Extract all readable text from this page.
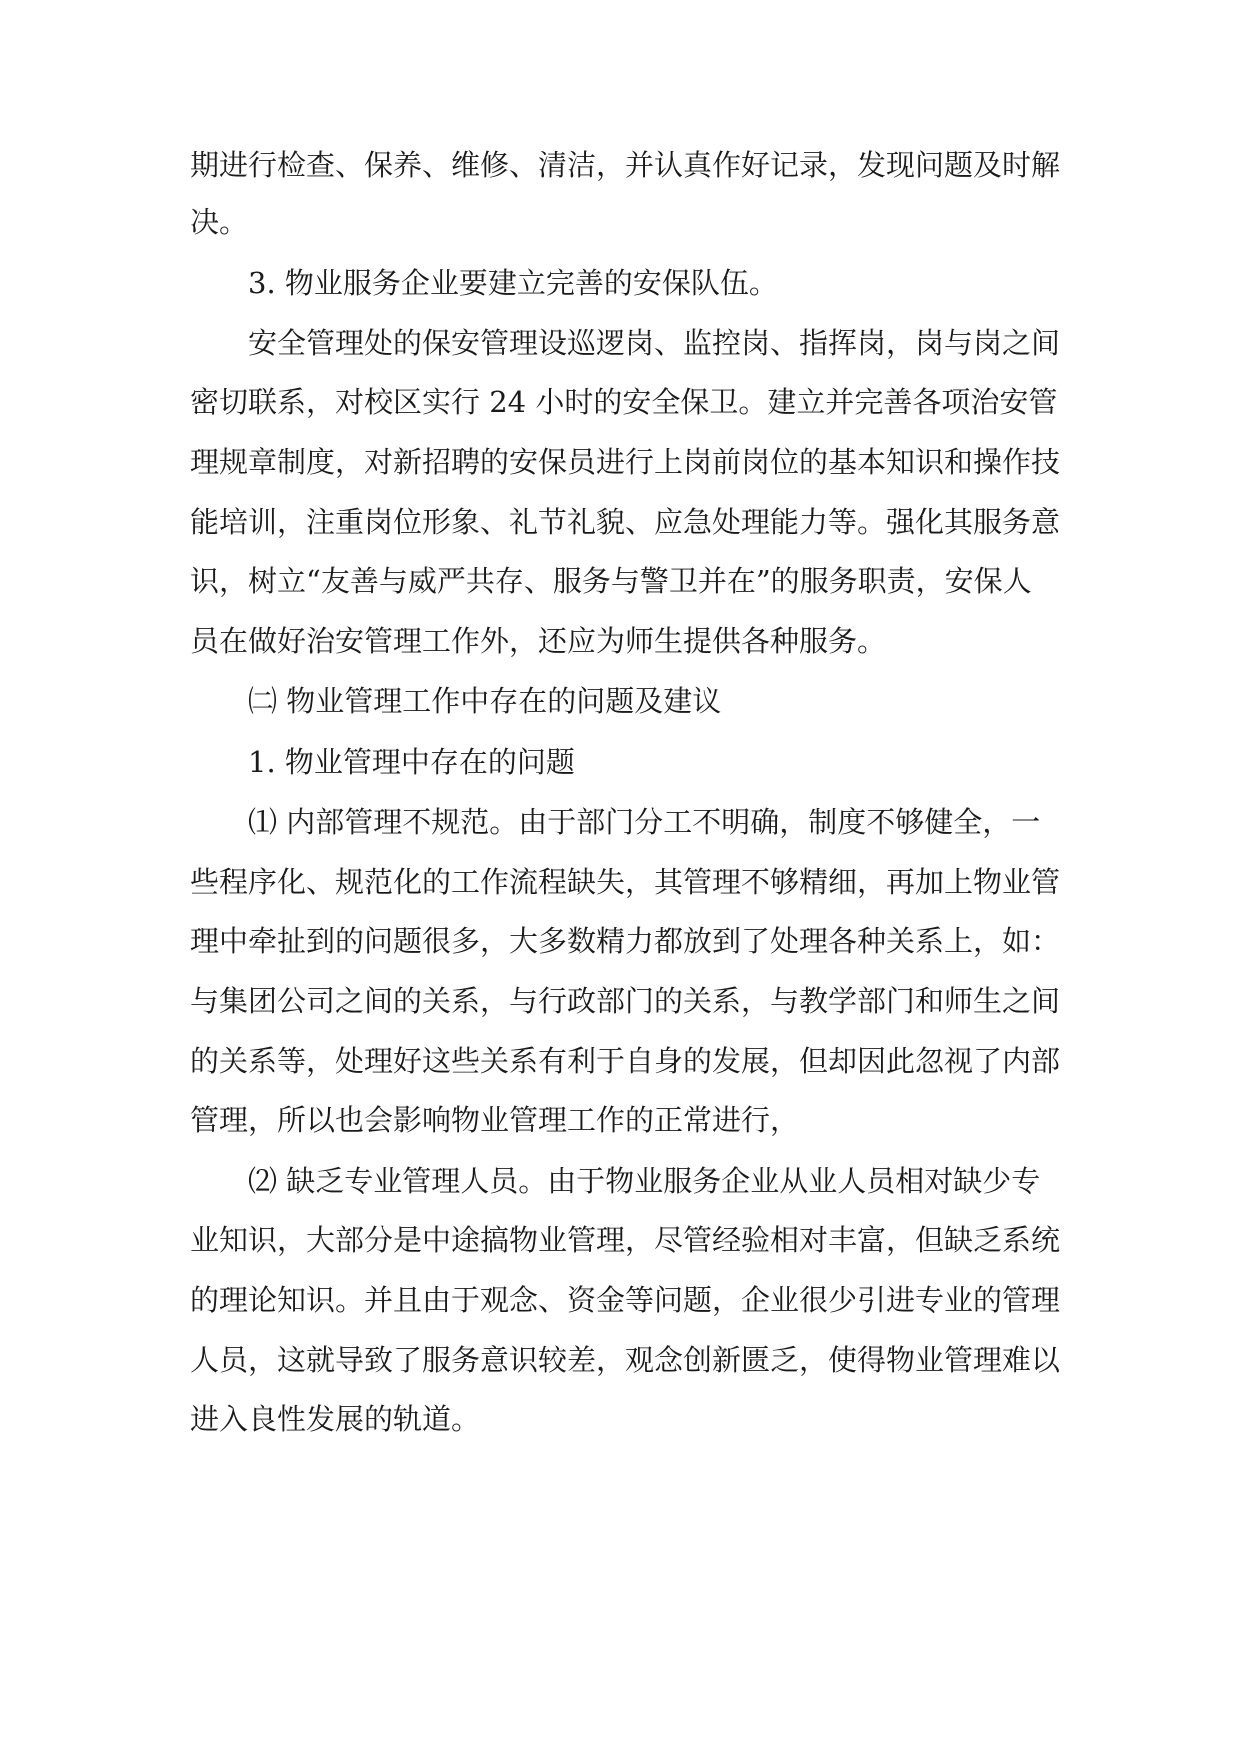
期进行检查、保养、维修、清洁，并认真作好记录，发现问题及时解
决。
3. 物业服务企业要建立完善的安保队伍。
安全管理处的保安管理设巡逻岗、监控岗、指挥岗，岗与岗之间
密切联系，对校区实行 24 小时的安全保卫。建立并完善各项治安管
理规章制度，对新招聘的安保员进行上岗前岗位的基本知识和操作技
能培训，注重岗位形象、礼节礼貌、应急处理能力等。强化其服务意
识，树立“友善与威严共存、服务与警卫并在”的服务职责，安保人
员在做好治安管理工作外，还应为师生提供各种服务。
㈡ 物业管理工作中存在的问题及建议
1. 物业管理中存在的问题
⑴ 内部管理不规范。由于部门分工不明确，制度不够健全，一
些程序化、规范化的工作流程缺失，其管理不够精细，再加上物业管
理中牵扯到的问题很多，大多数精力都放到了处理各种关系上，如：
与集团公司之间的关系，与行政部门的关系，与教学部门和师生之间
的关系等，处理好这些关系有利于自身的发展，但却因此忽视了内部
管理，所以也会影响物业管理工作的正常进行，
⑵ 缺乏专业管理人员。由于物业服务企业从业人员相对缺少专
业知识，大部分是中途搞物业管理，尽管经验相对丰富，但缺乏系统
的理论知识。并且由于观念、资金等问题，企业很少引进专业的管理
人员，这就导致了服务意识较差，观念创新匮乏，使得物业管理难以
进入良性发展的轨道。
